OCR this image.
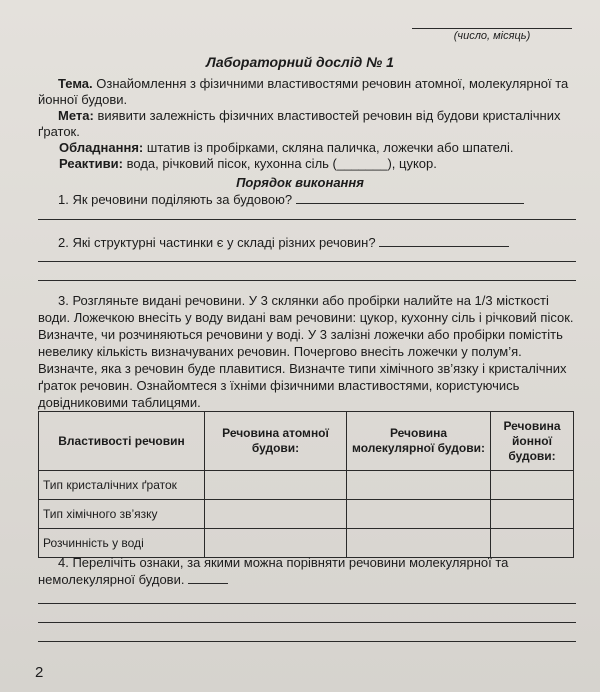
(число, місяць)
Лабораторний дослід № 1

Тема. Ознайомлення з фізичними властивостями речовин атомної, молекулярної та йонної будови.

Мета: виявити залежність фізичних властивостей речовин від будови кристалічних ґраток.

Обладнання: штатив із пробірками, скляна паличка, ложечки або шпателі.

Реактиви: вода, річковий пісок, кухонна сіль (_______), цукор.

Порядок виконання

1. Як речовини поділяють за будовою?

2. Які структурні частинки є у складі різних речовин?

3. Розгляньте видані речовини. У 3 склянки або пробірки налийте на 1/3 місткості води. Ложечкою внесіть у воду видані вам речовини: цукор, кухонну сіль і річковий пісок. Визначте, чи розчиняються речовини у воді. У 3 залізні ложечки або пробірки помістіть невелику кількість визначуваних речовин. Почергово внесіть ложечки у полум’я. Визначте, яка з речовин буде плавитися. Визначте типи хімічного зв’язку і кристалічних ґраток речовин. Ознайомтеся з їхніми фізичними властивостями, користуючись довідниковими таблицями.

Властивості речовин	Речовина атомної будови:	Речовина молекулярної будови:	Речовина йонної будови:
Тип кристалічних ґраток			
Тип хімічного зв’язку			
Розчинність у воді			

4. Перелічіть ознаки, за якими можна порівняти речовини молекулярної та немолекулярної будови.

2
